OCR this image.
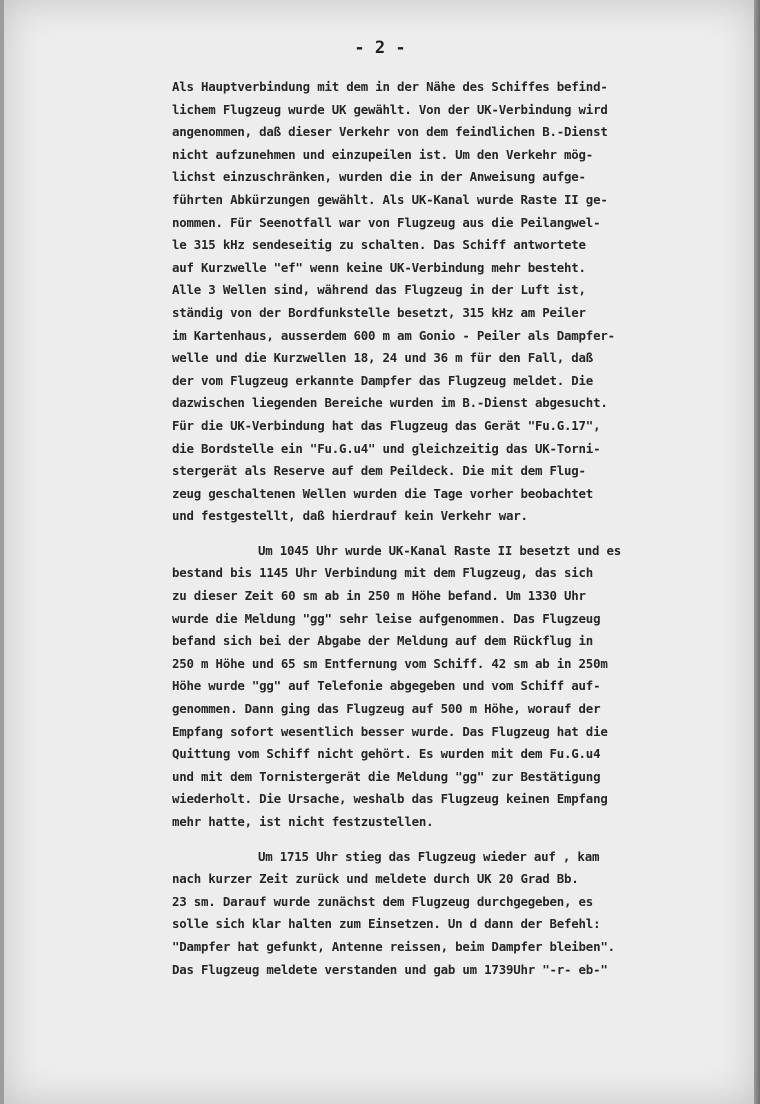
- 2 -
Als Hauptverbindung mit dem in der Nähe des Schiffes befind-
lichem Flugzeug wurde UK gewählt. Von der UK-Verbindung wird
angenommen, daß dieser Verkehr von dem feindlichen B.-Dienst
nicht aufzunehmen und einzupeilen ist. Um den Verkehr mög-
lichst einzuschränken, wurden die in der Anweisung aufge-
führten Abkürzungen gewählt. Als UK-Kanal wurde Raste II ge-
nommen. Für Seenotfall war von Flugzeug aus die Peilangwel-
le 315 kHz sendeseitig zu schalten. Das Schiff antwortete
auf Kurzwelle "ef" wenn keine UK-Verbindung mehr besteht.
Alle 3 Wellen sind, während das Flugzeug in der Luft ist,
ständig von der Bordfunkstelle besetzt, 315 kHz am Peiler
im Kartenhaus, ausserdem 600 m am Gonio - Peiler als Dampfer-
welle und die Kurzwellen 18, 24 und 36 m für den Fall, daß
der vom Flugzeug erkannte Dampfer das Flugzeug meldet. Die
dazwischen liegenden Bereiche wurden im B.-Dienst abgesucht.
Für die UK-Verbindung hat das Flugzeug das Gerät "Fu.G.17",
die Bordstelle ein "Fu.G.u4" und gleichzeitig das UK-Torni-
stergerät als Reserve auf dem Peildeck. Die mit dem Flug-
zeug geschaltenen Wellen wurden die Tage vorher beobachtet
und festgestellt, daß hierdrauf kein Verkehr war.
Um 1045 Uhr wurde UK-Kanal Raste II besetzt und es
bestand bis 1145 Uhr Verbindung mit dem Flugzeug, das sich
zu dieser Zeit 60 sm ab in 250 m Höhe befand. Um 1330 Uhr
wurde die Meldung "gg" sehr leise aufgenommen. Das Flugzeug
befand sich bei der Abgabe der Meldung auf dem Rückflug in
250 m Höhe und 65 sm Entfernung vom Schiff. 42 sm ab in 250m
Höhe wurde "gg" auf Telefonie abgegeben und vom Schiff auf-
genommen. Dann ging das Flugzeug auf 500 m Höhe, worauf der
Empfang sofort wesentlich besser wurde. Das Flugzeug hat die
Quittung vom Schiff nicht gehört. Es wurden mit dem Fu.G.u4
und mit dem Tornistergerät die Meldung "gg" zur Bestätigung
wiederholt. Die Ursache, weshalb das Flugzeug keinen Empfang
mehr hatte, ist nicht festzustellen.
Um 1715 Uhr stieg das Flugzeug wieder auf , kam
nach kurzer Zeit zurück und meldete durch UK 20 Grad Bb.
23 sm. Darauf wurde zunächst dem Flugzeug durchgegeben, es
solle sich klar halten zum Einsetzen. Un d dann der Befehl:
"Dampfer hat gefunkt, Antenne reissen, beim Dampfer bleiben".
Das Flugzeug meldete verstanden und gab um 1739Uhr "-r- eb-"
